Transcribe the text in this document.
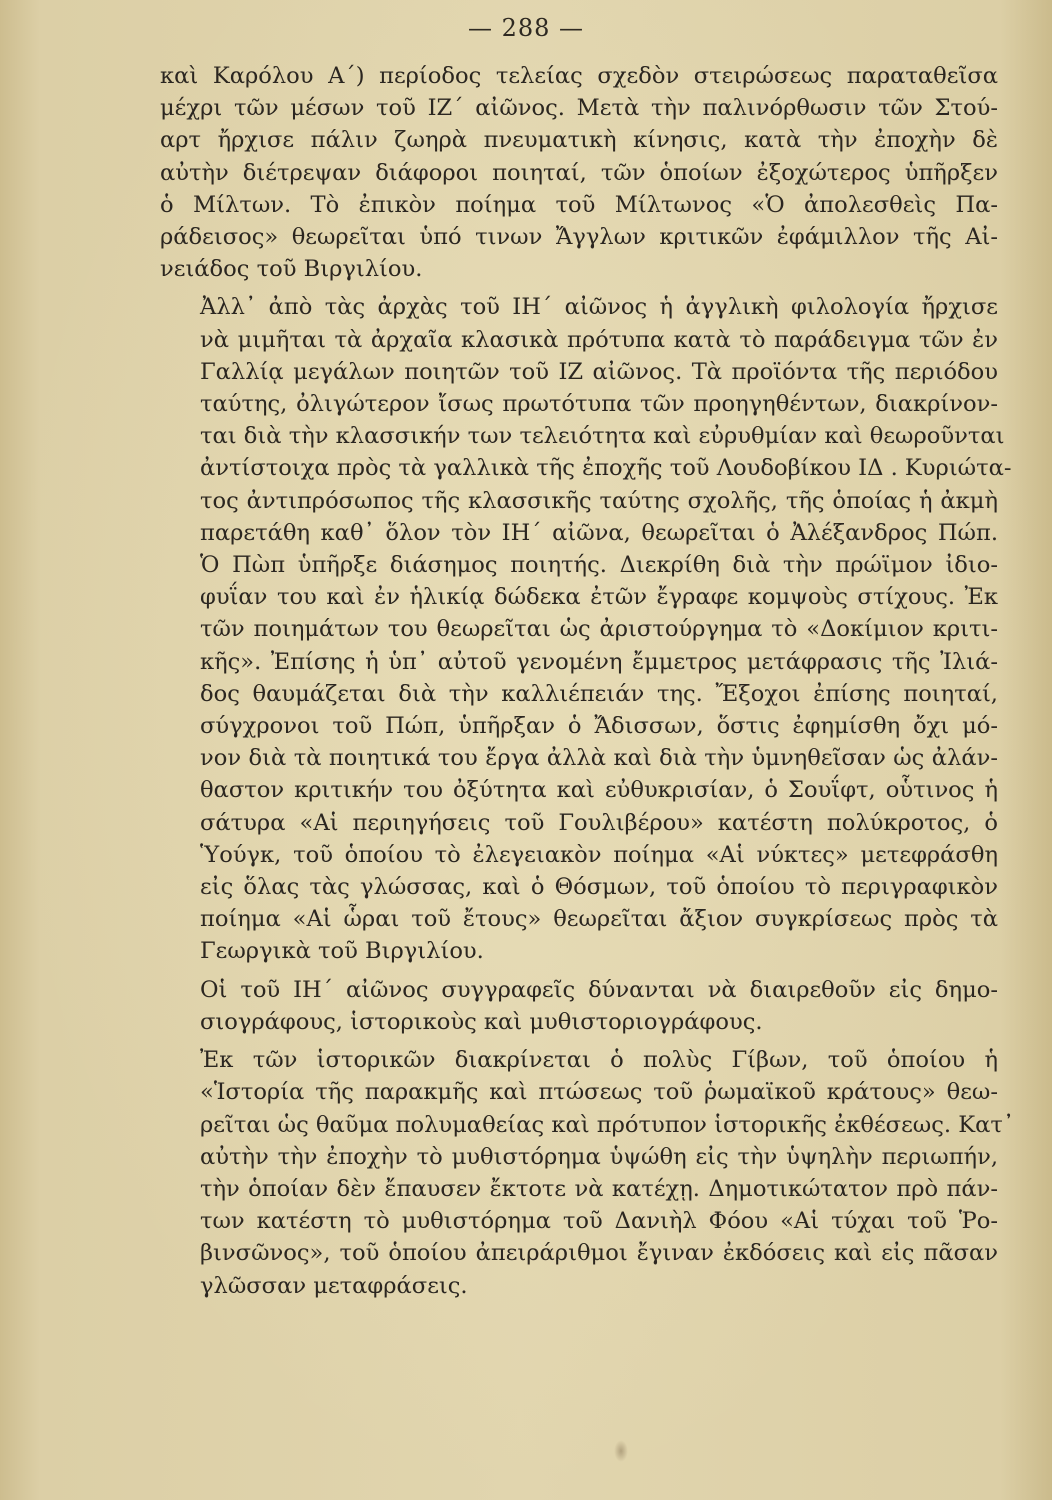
— 288 —
καὶ Καρόλου Α΄) περίοδος τελείας σχεδὸν στειρώσεως παραταθεῖσα
μέχρι τῶν μέσων τοῦ ΙΖ΄ αἰῶνος. Μετὰ τὴν παλινόρθωσιν τῶν Στού-
αρτ ἤρχισε πάλιν ζωηρὰ πνευματικὴ κίνησις, κατὰ τὴν ἐποχὴν δὲ
αὐτὴν διέτρεψαν διάφοροι ποιηταί, τῶν ὁποίων ἐξοχώτερος ὑπῆρξεν
ὁ Μίλτων. Τὸ ἐπικὸν ποίημα τοῦ Μίλτωνος «Ὁ ἀπολεσθεὶς Πα-
ράδεισος» θεωρεῖται ὑπό τινων Ἄγγλων κριτικῶν ἐφάμιλλον τῆς Αἰ-
νειάδος τοῦ Βιργιλίου.
Ἀλλ᾿ ἀπὸ τὰς ἀρχὰς τοῦ ΙΗ΄ αἰῶνος ἡ ἀγγλικὴ φιλολογία ἤρχισε
νὰ μιμῆται τὰ ἀρχαῖα κλασικὰ πρότυπα κατὰ τὸ παράδειγμα τῶν ἐν
Γαλλίᾳ μεγάλων ποιητῶν τοῦ ΙΖ αἰῶνος. Τὰ προϊόντα τῆς περιόδου
ταύτης, ὀλιγώτερον ἴσως πρωτότυπα τῶν προηγηθέντων, διακρίνον-
ται διὰ τὴν κλασσικήν των τελειότητα καὶ εὐρυθμίαν καὶ θεωροῦνται
ἀντίστοιχα πρὸς τὰ γαλλικὰ τῆς ἐποχῆς τοῦ Λουδοβίκου ΙΔ . Κυριώτα-
τος ἀντιπρόσωπος τῆς κλασσικῆς ταύτης σχολῆς, τῆς ὁποίας ἡ ἀκμὴ
παρετάθη καθ᾿ ὅλον τὸν ΙΗ΄ αἰῶνα, θεωρεῖται ὁ Ἀλέξανδρος Πώπ.
Ὁ Πὼπ ὑπῆρξε διάσημος ποιητής. Διεκρίθη διὰ τὴν πρώϊμον ἰδιο-
φυΐαν του καὶ ἐν ἡλικίᾳ δώδεκα ἐτῶν ἔγραφε κομψοὺς στίχους. Ἐκ
τῶν ποιημάτων του θεωρεῖται ὡς ἀριστούργημα τὸ «Δοκίμιον κριτι-
κῆς». Ἐπίσης ἡ ὑπ᾿ αὐτοῦ γενομένη ἔμμετρος μετάφρασις τῆς Ἰλιά-
δος θαυμάζεται διὰ τὴν καλλιέπειάν της. Ἔξοχοι ἐπίσης ποιηταί,
σύγχρονοι τοῦ Πώπ, ὑπῆρξαν ὁ Ἄδισσων, ὅστις ἐφημίσθη ὄχι μό-
νον διὰ τὰ ποιητικά του ἔργα ἀλλὰ καὶ διὰ τὴν ὑμνηθεῖσαν ὡς ἀλάν-
θαστον κριτικήν του ὀξύτητα καὶ εὐθυκρισίαν, ὁ Σουΐφτ, οὗτινος ἡ
σάτυρα «Αἱ περιηγήσεις τοῦ Γουλιβέρου» κατέστη πολύκροτος, ὁ
Ὑούγκ, τοῦ ὁποίου τὸ ἐλεγειακὸν ποίημα «Αἱ νύκτες» μετεφράσθη
εἰς ὅλας τὰς γλώσσας, καὶ ὁ Θόσμων, τοῦ ὁποίου τὸ περιγραφικὸν
ποίημα «Αἱ ὧραι τοῦ ἔτους» θεωρεῖται ἄξιον συγκρίσεως πρὸς τὰ
Γεωργικὰ τοῦ Βιργιλίου.
Οἱ τοῦ ΙΗ΄ αἰῶνος συγγραφεῖς δύνανται νὰ διαιρεθοῦν εἰς δημο-
σιογράφους, ἱστορικοὺς καὶ μυθιστοριογράφους.
Ἐκ τῶν ἱστορικῶν διακρίνεται ὁ πολὺς Γίβων, τοῦ ὁποίου ἡ
«Ἱστορία τῆς παρακμῆς καὶ πτώσεως τοῦ ῥωμαϊκοῦ κράτους» θεω-
ρεῖται ὡς θαῦμα πολυμαθείας καὶ πρότυπον ἱστορικῆς ἐκθέσεως. Κατ᾿
αὐτὴν τὴν ἐποχὴν τὸ μυθιστόρημα ὑψώθη εἰς τὴν ὑψηλὴν περιωπήν,
τὴν ὁποίαν δὲν ἔπαυσεν ἔκτοτε νὰ κατέχῃ. Δημοτικώτατον πρὸ πάν-
των κατέστη τὸ μυθιστόρημα τοῦ Δανιὴλ Φόου «Αἱ τύχαι τοῦ Ῥο-
βινσῶνος», τοῦ ὁποίου ἀπειράριθμοι ἔγιναν ἐκδόσεις καὶ εἰς πᾶσαν
γλῶσσαν μεταφράσεις.
